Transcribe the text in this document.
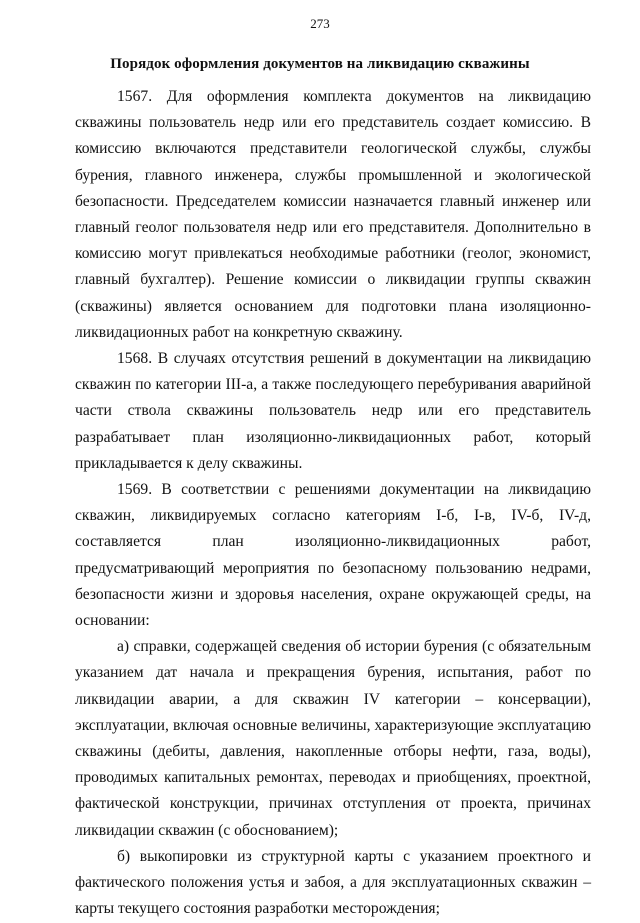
273
Порядок оформления документов на ликвидацию скважины

1567. Для оформления комплекта документов на ликвидацию скважины пользователь недр или его представитель создает комиссию. В комиссию включаются представители геологической службы, службы бурения, главного инженера, службы промышленной и экологической безопасности. Председателем комиссии назначается главный инженер или главный геолог пользователя недр или его представителя. Дополнительно в комиссию могут привлекаться необходимые работники (геолог, экономист, главный бухгалтер). Решение комиссии о ликвидации группы скважин (скважины) является основанием для подготовки плана изоляционно-ликвидационных работ на конкретную скважину.

1568. В случаях отсутствия решений в документации на ликвидацию скважин по категории III-а, а также последующего перебуривания аварийной части ствола скважины пользователь недр или его представитель разрабатывает план изоляционно-ликвидационных работ, который прикладывается к делу скважины.

1569. В соответствии с решениями документации на ликвидацию скважин, ликвидируемых согласно категориям I-б, I-в, IV-б, IV-д, составляется план изоляционно-ликвидационных работ, предусматривающий мероприятия по безопасному пользованию недрами, безопасности жизни и здоровья населения, охране окружающей среды, на основании:

а) справки, содержащей сведения об истории бурения (с обязательным указанием дат начала и прекращения бурения, испытания, работ по ликвидации аварии, а для скважин IV категории – консервации), эксплуатации, включая основные величины, характеризующие эксплуатацию скважины (дебиты, давления, накопленные отборы нефти, газа, воды), проводимых капитальных ремонтах, переводах и приобщениях, проектной, фактической конструкции, причинах отступления от проекта, причинах ликвидации скважин (с обоснованием);

б) выкопировки из структурной карты с указанием проектного и фактического положения устья и забоя, а для эксплуатационных скважин – карты текущего состояния разработки месторождения;
